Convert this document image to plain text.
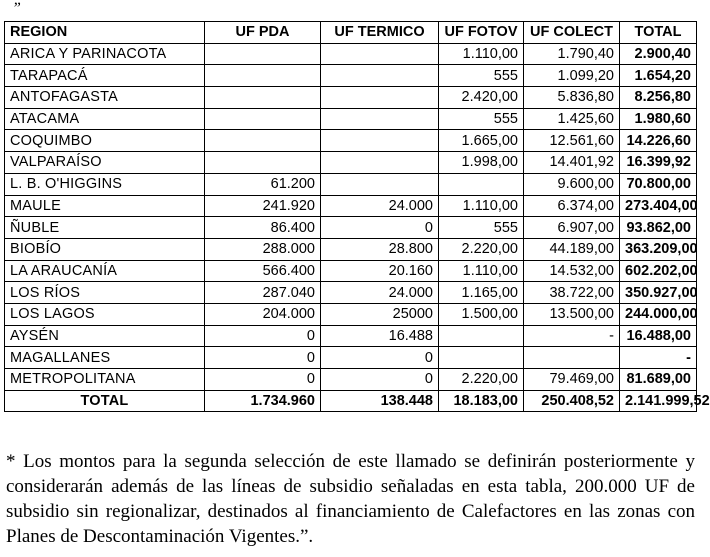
”
REGION	UF PDA	UF TERMICO	UF FOTOV	UF COLECT	TOTAL
ARICA Y PARINACOTA			1.110,00	1.790,40	2.900,40
TARAPACÁ			555	1.099,20	1.654,20
ANTOFAGASTA			2.420,00	5.836,80	8.256,80
ATACAMA			555	1.425,60	1.980,60
COQUIMBO			1.665,00	12.561,60	14.226,60
VALPARAÍSO			1.998,00	14.401,92	16.399,92
L. B. O'HIGGINS	61.200			9.600,00	70.800,00
MAULE	241.920	24.000	1.110,00	6.374,00	273.404,00
ÑUBLE	86.400	0	555	6.907,00	93.862,00
BIOBÍO	288.000	28.800	2.220,00	44.189,00	363.209,00
LA ARAUCANÍA	566.400	20.160	1.110,00	14.532,00	602.202,00
LOS RÍOS	287.040	24.000	1.165,00	38.722,00	350.927,00
LOS LAGOS	204.000	25000	1.500,00	13.500,00	244.000,00
AYSÉN	0	16.488		-	16.488,00
MAGALLANES	0	0			-
METROPOLITANA	0	0	2.220,00	79.469,00	81.689,00
TOTAL	1.734.960	138.448	18.183,00	250.408,52	2.141.999,52
* Los montos para la segunda selección de este llamado se definirán posteriormente y considerarán además de las líneas de subsidio señaladas en esta tabla, 200.000 UF de subsidio sin regionalizar, destinados al financiamiento de Calefactores en las zonas con Planes de Descontaminación Vigentes.”.
